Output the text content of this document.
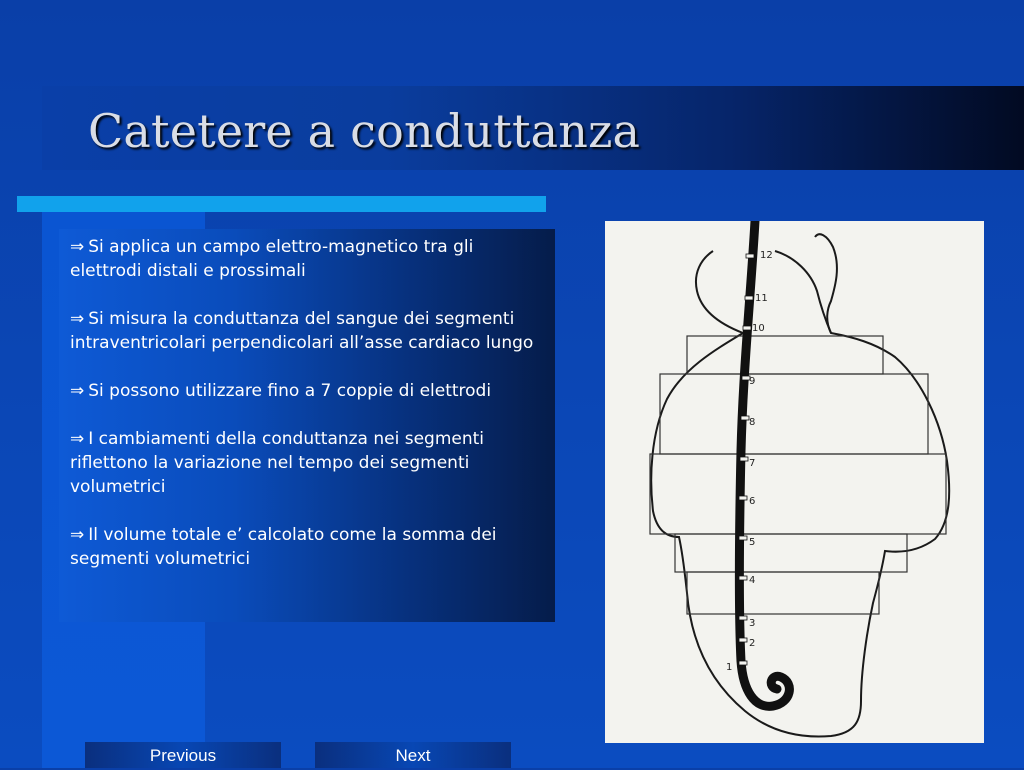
Catetere a conduttanza

⇒ Si applica un campo elettro-magnetico tra gli elettrodi distali e prossimali

⇒ Si misura la conduttanza del sangue dei segmenti intraventricolari perpendicolari all’asse cardiaco lungo

⇒ Si possono utilizzare fino a 7 coppie di elettrodi

⇒ I cambiamenti della conduttanza nei segmenti riflettono la variazione nel tempo dei segmenti volumetrici

⇒ Il volume totale e’ calcolato come la somma dei segmenti volumetrici

1
2
3
4
5
6
7
8
9
10
11
12
Previous	Next
